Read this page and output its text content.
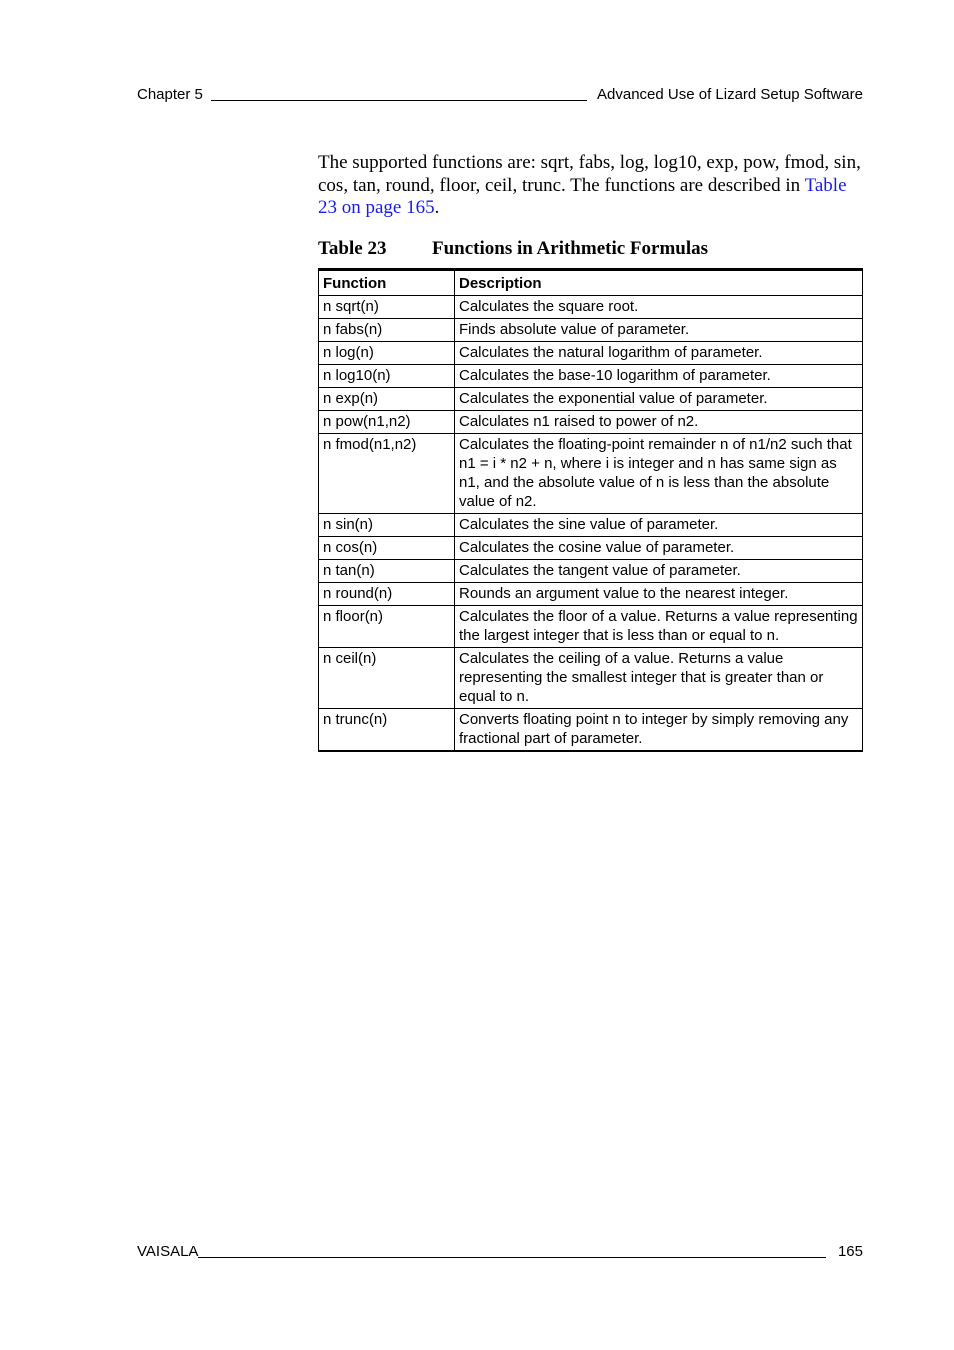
Chapter 5	Advanced Use of Lizard Setup Software

The supported functions are: sqrt, fabs, log, log10, exp, pow, fmod, sin, cos, tan, round, floor, ceil, trunc. The functions are described in Table 23 on page 165.

Table 23	Functions in Arithmetic Formulas
Function	Description
n sqrt(n)	Calculates the square root.
n fabs(n)	Finds absolute value of parameter.
n log(n)	Calculates the natural logarithm of parameter.
n log10(n)	Calculates the base-10 logarithm of parameter.
n exp(n)	Calculates the exponential value of parameter.
n pow(n1,n2)	Calculates n1 raised to power of n2.
n fmod(n1,n2)	Calculates the floating-point remainder n of n1/n2 such that n1 = i * n2 + n, where i is integer and n has same sign as n1, and the absolute value of n is less than the absolute value of n2.
n sin(n)	Calculates the sine value of parameter.
n cos(n)	Calculates the cosine value of parameter.
n tan(n)	Calculates the tangent value of parameter.
n round(n)	Rounds an argument value to the nearest integer.
n floor(n)	Calculates the floor of a value. Returns a value representing the largest integer that is less than or equal to n.
n ceil(n)	Calculates the ceiling of a value. Returns a value representing the smallest integer that is greater than or equal to n.
n trunc(n)	Converts floating point n to integer by simply removing any fractional part of parameter.
VAISALA	165
